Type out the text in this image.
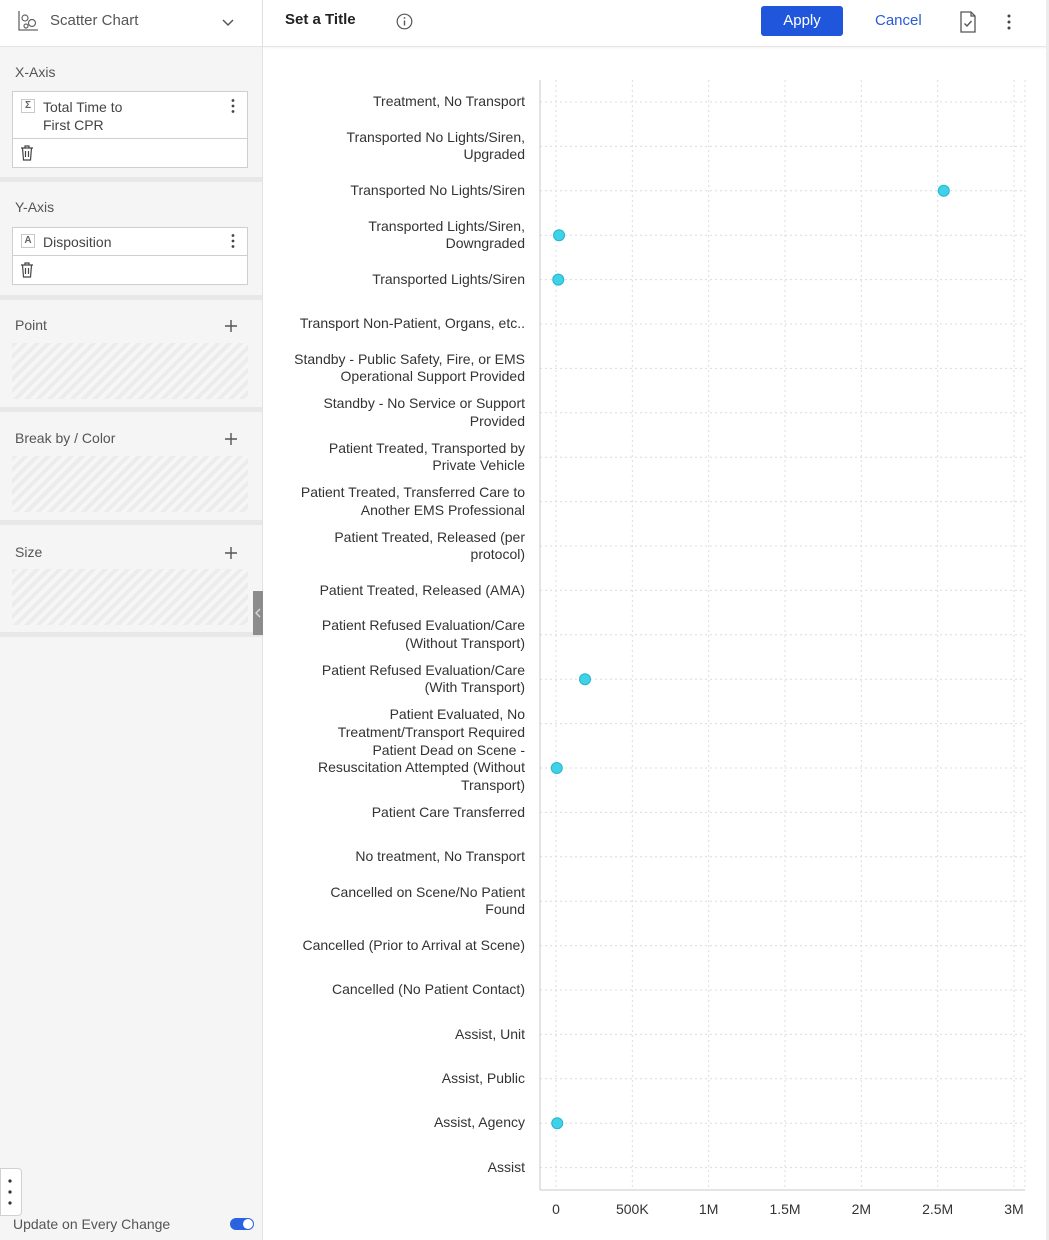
Scatter Chart
X-Axis
Σ Total Time to
First CPR
Y-Axis
A Disposition
Point
Break by / Color
Size
Update on Every Change
Set a Title	Apply	Cancel
Treatment, No Transport
Transported No Lights/Siren,
Upgraded
Transported No Lights/Siren
Transported Lights/Siren,
Downgraded
Transported Lights/Siren
Transport Non-Patient, Organs, etc..
Standby - Public Safety, Fire, or EMS
Operational Support Provided
Standby - No Service or Support
Provided
Patient Treated, Transported by
Private Vehicle
Patient Treated, Transferred Care to
Another EMS Professional
Patient Treated, Released (per
protocol)
Patient Treated, Released (AMA)
Patient Refused Evaluation/Care
(Without Transport)
Patient Refused Evaluation/Care
(With Transport)
Patient Evaluated, No
Treatment/Transport Required
Patient Dead on Scene -
Resuscitation Attempted (Without
Transport)
Patient Care Transferred
No treatment, No Transport
Cancelled on Scene/No Patient
Found
Cancelled (Prior to Arrival at Scene)
Cancelled (No Patient Contact)
Assist, Unit
Assist, Public
Assist, Agency
Assist
0	500K	1M	1.5M	2M	2.5M	3M
